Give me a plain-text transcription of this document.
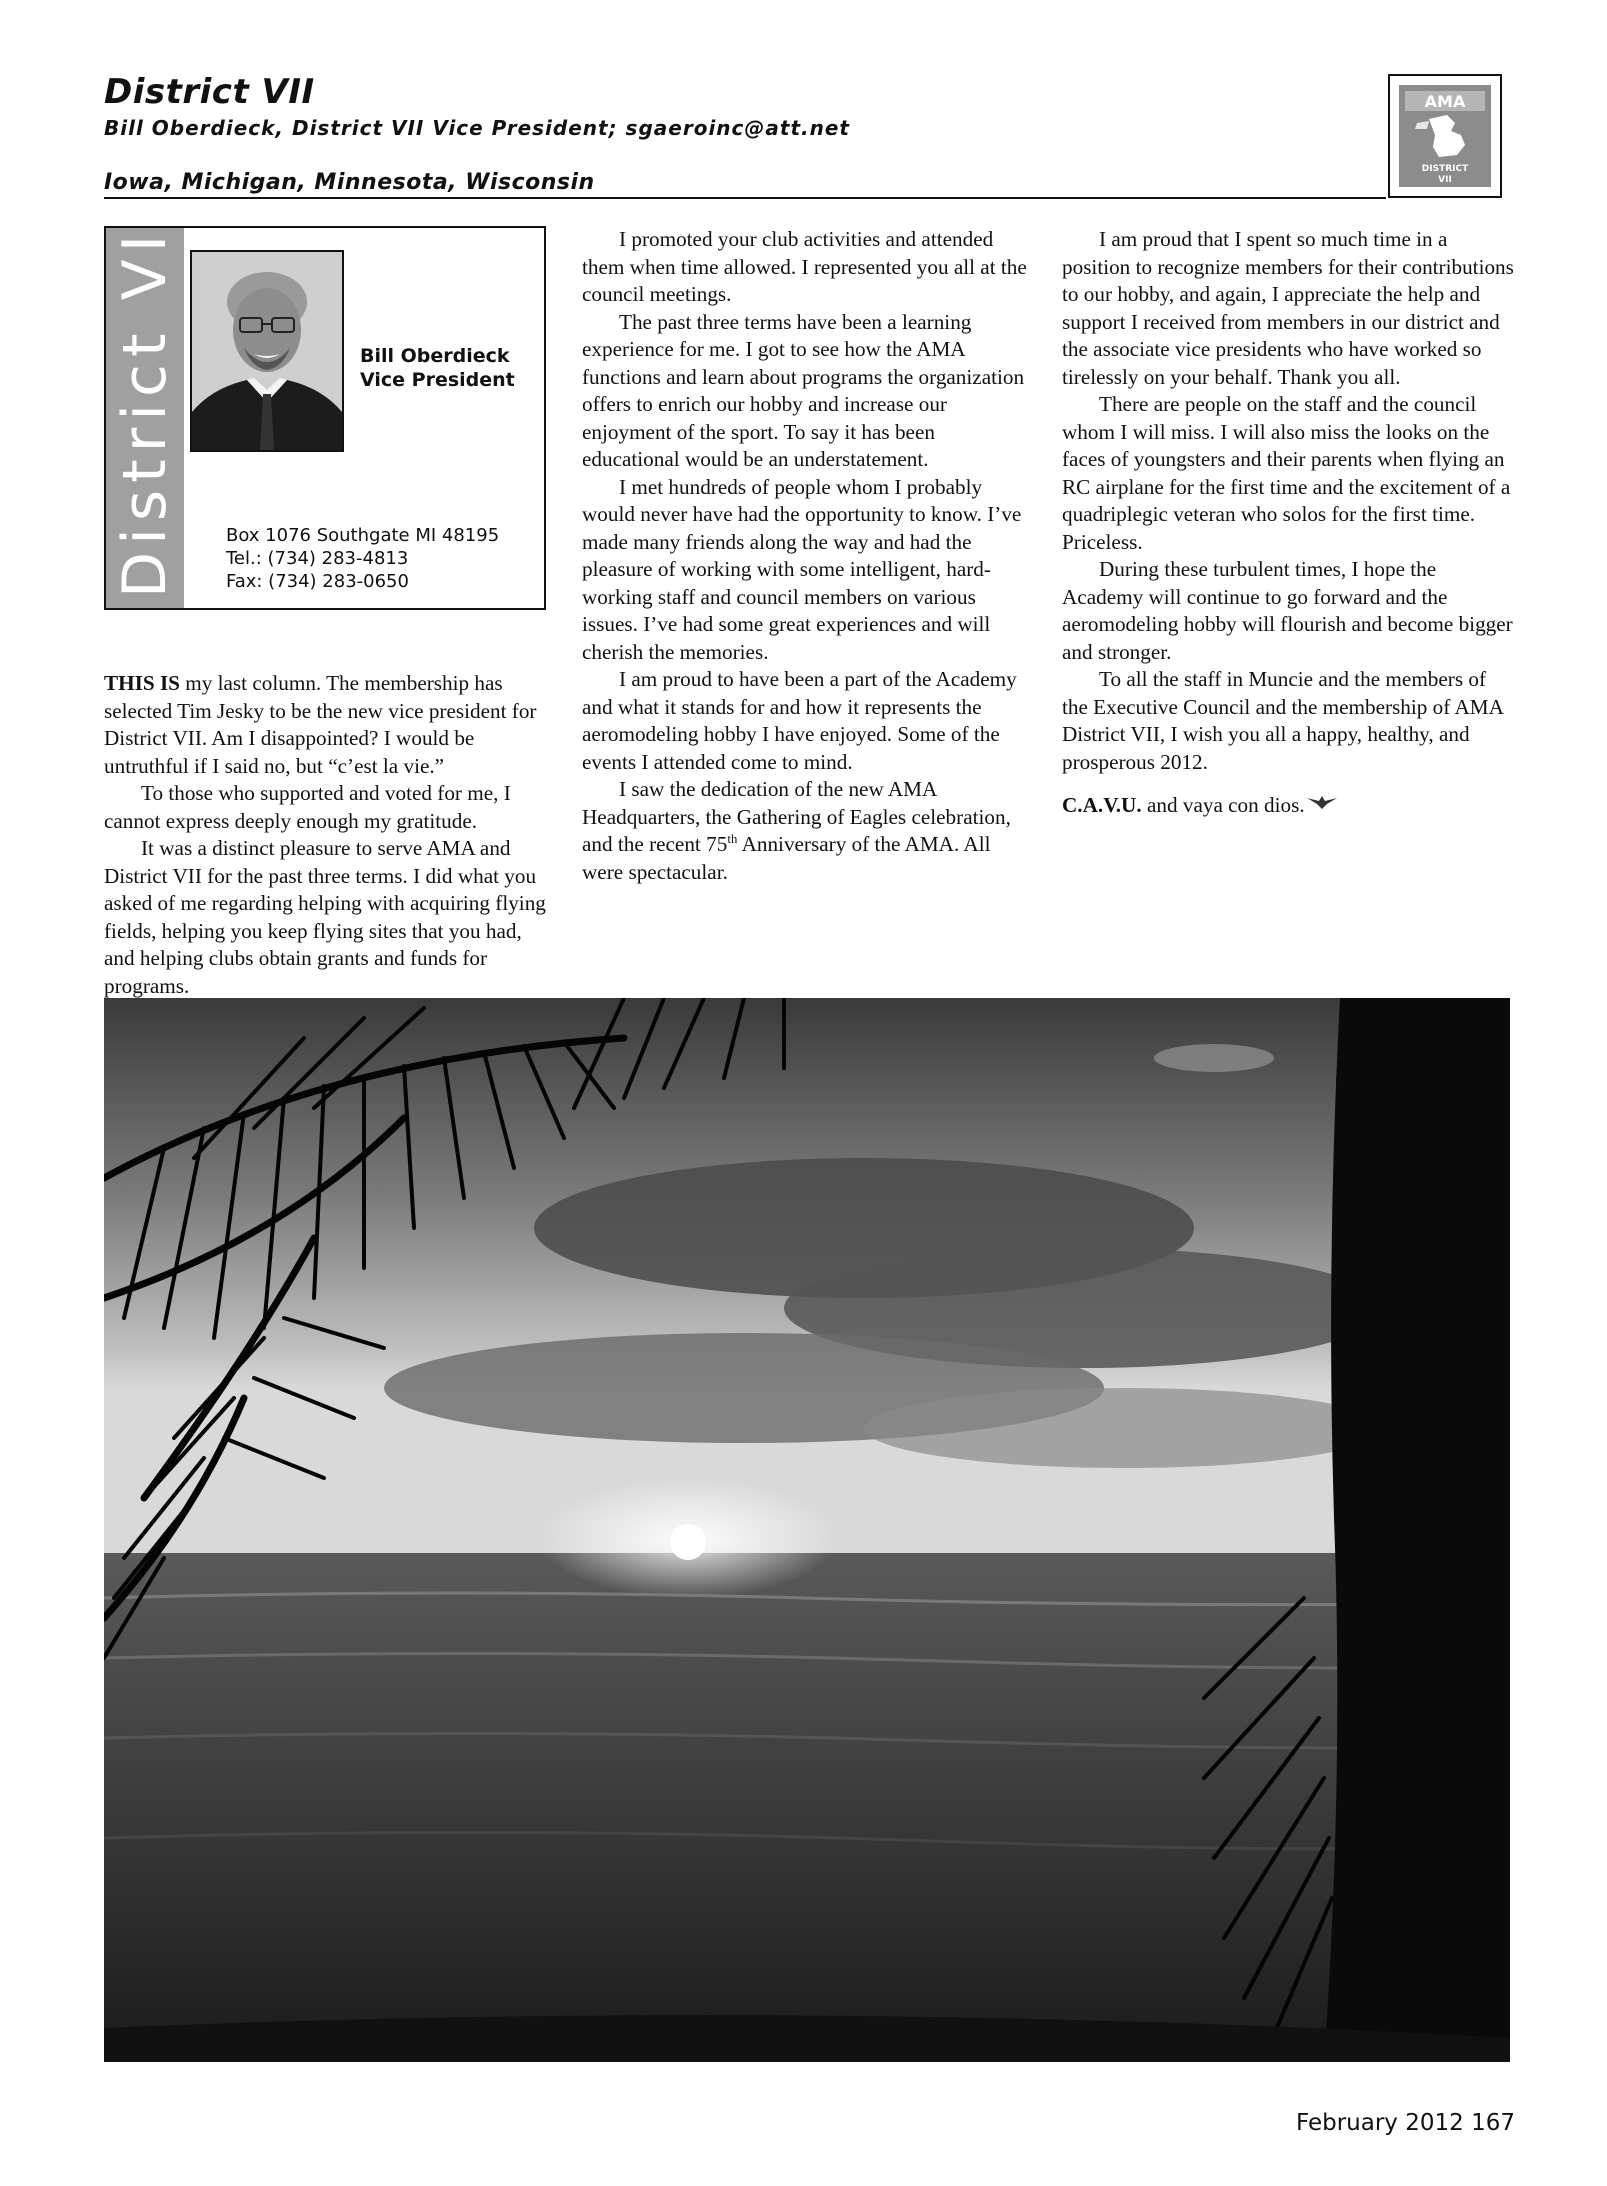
District VII
Bill Oberdieck, District VII Vice President; sgaeroinc@att.net
Iowa, Michigan, Minnesota, Wisconsin
AMA
DISTRICT
VII
District VII	Bill Oberdieck
Vice President
Box 1076 Southgate MI 48195
Tel.: (734) 283-4813
Fax: (734) 283-0650

THIS IS my last column. The membership has selected Tim Jesky to be the new vice president for District VII. Am I disappointed? I would be untruthful if I said no, but “c’est la vie.”

To those who supported and voted for me, I cannot express deeply enough my gratitude.

It was a distinct pleasure to serve AMA and District VII for the past three terms. I did what you asked of me regarding helping with acquiring flying fields, helping you keep flying sites that you had, and helping clubs obtain grants and funds for programs.

I promoted your club activities and attended them when time allowed. I represented you all at the council meetings.

The past three terms have been a learning experience for me. I got to see how the AMA functions and learn about programs the organization offers to enrich our hobby and increase our enjoyment of the sport. To say it has been educational would be an understatement.

I met hundreds of people whom I probably would never have had the opportunity to know. I’ve made many friends along the way and had the pleasure of working with some intelligent, hard-working staff and council members on various issues. I’ve had some great experiences and will cherish the memories.

I am proud to have been a part of the Academy and what it stands for and how it represents the aeromodeling hobby I have enjoyed. Some of the events I attended come to mind.

I saw the dedication of the new AMA Headquarters, the Gathering of Eagles celebration, and the recent 75th Anniversary of the AMA. All were spectacular.

I am proud that I spent so much time in a position to recognize members for their contributions to our hobby, and again, I appreciate the help and support I received from members in our district and the associate vice presidents who have worked so tirelessly on your behalf. Thank you all.

There are people on the staff and the council whom I will miss. I will also miss the looks on the faces of youngsters and their parents when flying an RC airplane for the first time and the excitement of a quadriplegic veteran who solos for the first time. Priceless.

During these turbulent times, I hope the Academy will continue to go forward and the aeromodeling hobby will flourish and become bigger and stronger.

To all the staff in Muncie and the members of the Executive Council and the membership of AMA District VII, I wish you all a happy, healthy, and prosperous 2012.

C.A.V.U. and vaya con dios.

February 2012 167
